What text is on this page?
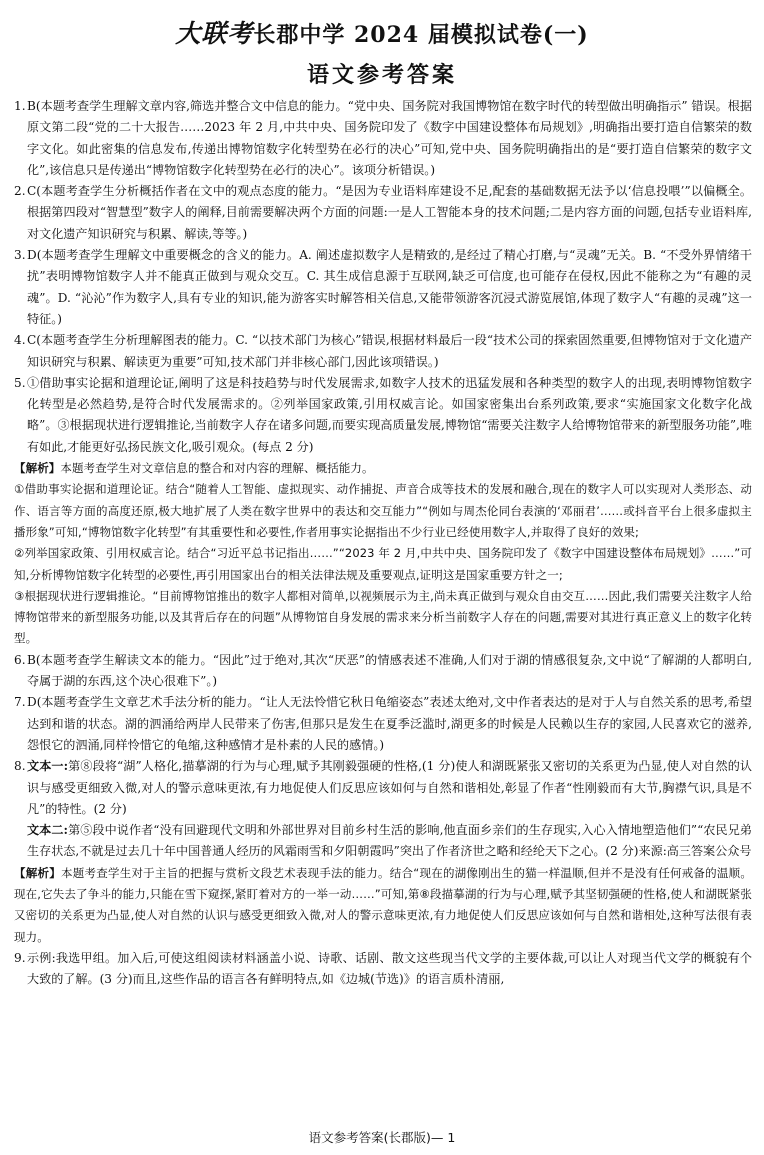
大联考长郡中学 2024 届模拟试卷(一)
语文参考答案
1. B(本题考查学生理解文章内容,筛选并整合文中信息的能力。“党中央、国务院对我国博物馆在数字时代的转型做出明确指示” 错误。根据原文第二段“党的二十大报告……2023 年 2 月,中共中央、国务院印发了《数字中国建设整体布局规划》,明确指出要打造自信繁荣的数字文化。如此密集的信息发布,传递出博物馆数字化转型势在必行的决心”可知,党中央、国务院明确指出的是“要打造自信繁荣的数字文化”,该信息只是传递出“博物馆数字化转型势在必行的决心”。该项分析错误。)

2. C(本题考查学生分析概括作者在文中的观点态度的能力。“是因为专业语料库建设不足,配套的基础数据无法予以‘信息投喂’”以偏概全。根据第四段对“智慧型”数字人的阐释,目前需要解决两个方面的问题:一是人工智能本身的技术问题;二是内容方面的问题,包括专业语料库,对文化遗产知识研究与积累、解读,等等。)

3. D(本题考查学生理解文中重要概念的含义的能力。A. 阐述虚拟数字人是精致的,是经过了精心打磨,与“灵魂”无关。B. “不受外界情绪干扰”表明博物馆数字人并不能真正做到与观众交互。C. 其生成信息源于互联网,缺乏可信度,也可能存在侵权,因此不能称之为“有趣的灵魂”。D. “沁沁”作为数字人,具有专业的知识,能为游客实时解答相关信息,又能带领游客沉浸式游览展馆,体现了数字人“有趣的灵魂”这一特征。)

4. C(本题考查学生分析理解图表的能力。C. “以技术部门为核心”错误,根据材料最后一段“技术公司的探索固然重要,但博物馆对于文化遗产知识研究与积累、解读更为重要”可知,技术部门并非核心部门,因此该项错误。)

5. ①借助事实论据和道理论证,阐明了这是科技趋势与时代发展需求,如数字人技术的迅猛发展和各种类型的数字人的出现,表明博物馆数字化转型是必然趋势,是符合时代发展需求的。②列举国家政策,引用权威言论。如国家密集出台系列政策,要求“实施国家文化数字化战略”。③根据现状进行逻辑推论,当前数字人存在诸多问题,而要实现高质量发展,博物馆“需要关注数字人给博物馆带来的新型服务功能”,唯有如此,才能更好弘扬民族文化,吸引观众。(每点 2 分)

【解析】本题考查学生对文章信息的整合和对内容的理解、概括能力。

①借助事实论据和道理论证。结合“随着人工智能、虚拟现实、动作捕捉、声音合成等技术的发展和融合,现在的数字人可以实现对人类形态、动作、语言等方面的高度还原,极大地扩展了人类在数字世界中的表达和交互能力”“例如与周杰伦同台表演的‘邓丽君’……或抖音平台上很多虚拟主播形象”可知,“博物馆数字化转型”有其重要性和必要性,作者用事实论据指出不少行业已经使用数字人,并取得了良好的效果;

②列举国家政策、引用权威言论。结合“习近平总书记指出……”“2023 年 2 月,中共中央、国务院印发了《数字中国建设整体布局规划》……”可知,分析博物馆数字化转型的必要性,再引用国家出台的相关法律法规及重要观点,证明这是国家重要方针之一;

③根据现状进行逻辑推论。“目前博物馆推出的数字人都相对简单,以视频展示为主,尚未真正做到与观众自由交互……因此,我们需要关注数字人给博物馆带来的新型服务功能,以及其背后存在的问题”从博物馆自身发展的需求来分析当前数字人存在的问题,需要对其进行真正意义上的数字化转型。

6. B(本题考查学生解读文本的能力。“因此”过于绝对,其次“厌恶”的情感表述不准确,人们对于湖的情感很复杂,文中说“了解湖的人都明白,夺属于湖的东西,这个决心很难下”。)

7. D(本题考查学生文章艺术手法分析的能力。“让人无法怜惜它秋日龟缩姿态”表述太绝对,文中作者表达的是对于人与自然关系的思考,希望达到和谐的状态。湖的泗涌给两岸人民带来了伤害,但那只是发生在夏季泛滥时,湖更多的时候是人民赖以生存的家园,人民喜欢它的滋养,怨恨它的泗涌,同样怜惜它的龟缩,这种感情才是朴素的人民的感情。)

8. 文本一:第⑧段将“湖”人格化,描摹湖的行为与心理,赋予其刚毅强硬的性格,(1 分)使人和湖既紧张又密切的关系更为凸显,使人对自然的认识与感受更细致入微,对人的警示意味更浓,有力地促使人们反思应该如何与自然和谐相处,彰显了作者“性刚毅而有大节,胸襟气识,具是不凡”的特性。(2 分)

文本二:第⑤段中说作者“没有回避现代文明和外部世界对目前乡村生活的影响,他直面乡亲们的生存现实,入心入情地塑造他们”“农民兄弟生存状态,不就是过去几十年中国普通人经历的风霜雨雪和夕阳朝霞吗”突出了作者济世之略和经纶天下之心。(2 分)来源:高三答案公众号

【解析】本题考查学生对于主旨的把握与赏析文段艺术表现手法的能力。结合“现在的湖像刚出生的猫一样温顺,但并不是没有任何戒备的温顺。现在,它失去了争斗的能力,只能在雪下窥探,紧盯着对方的一举一动……”可知,第⑧段描摹湖的行为与心理,赋予其坚韧强硬的性格,使人和湖既紧张又密切的关系更为凸显,使人对自然的认识与感受更细致入微,对人的警示意味更浓,有力地促使人们反思应该如何与自然和谐相处,这种写法很有表现力。

9. 示例:我选甲组。加入后,可使这组阅读材料涵盖小说、诗歌、话剧、散文这些现当代文学的主要体裁,可以让人对现当代文学的概貌有个大致的了解。(3 分)而且,这些作品的语言各有鲜明特点,如《边城(节选)》的语言质朴清丽,

语文参考答案(长郡版)— 1
